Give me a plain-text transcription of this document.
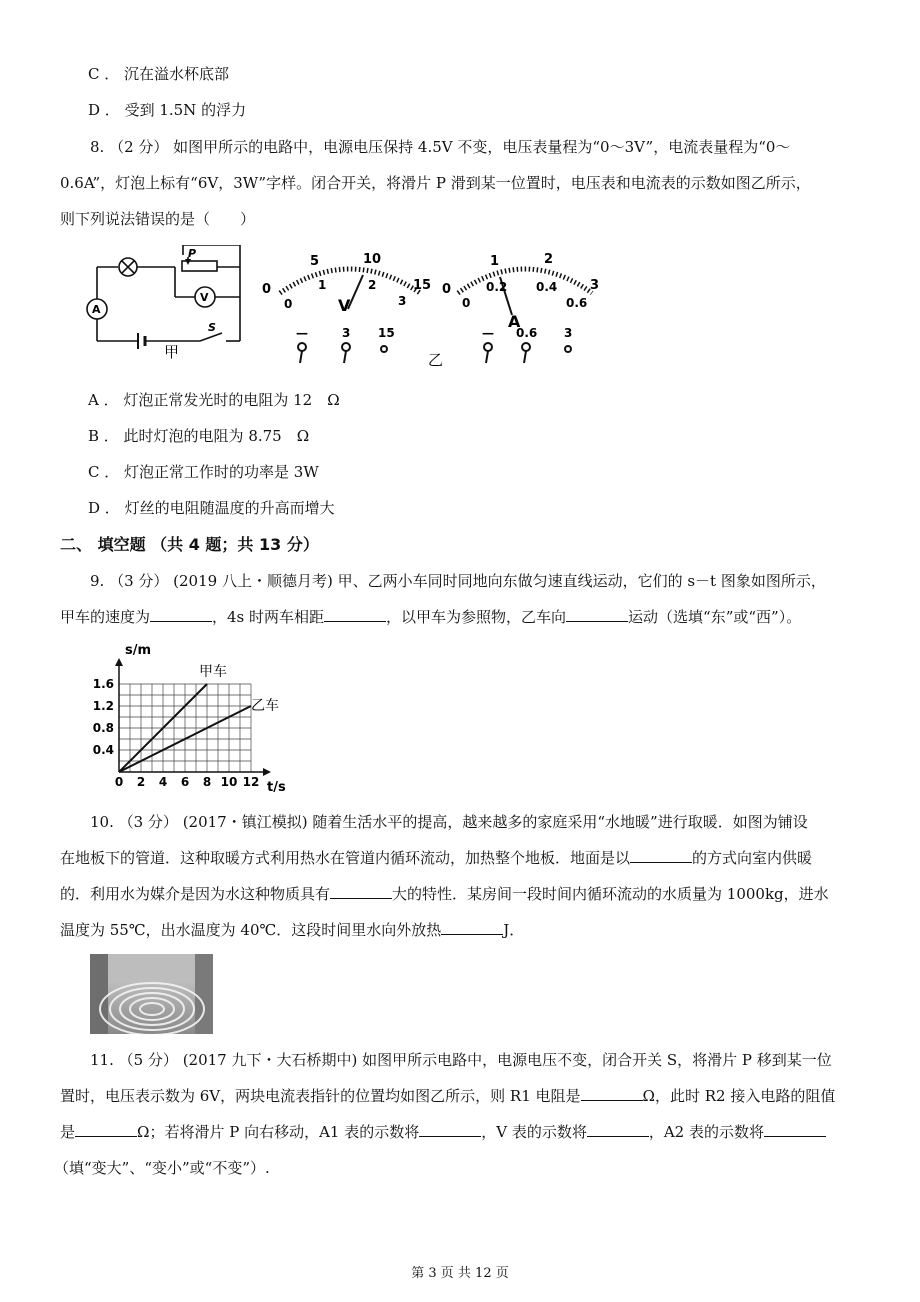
C ． 沉在溢水杯底部
D ． 受到 1.5N 的浮力
8. （2 分） 如图甲所示的电路中，电源电压保持 4.5V 不变，电压表量程为“0～3V”，电流表量程为“0～
0.6A”，灯泡上标有“6V，3W”字样。闭合开关，将滑片 P 滑到某一位置时，电压表和电流表的示数如图乙所示，
则下列说法错误的是（　　）
P
V
A
S
甲
0
5	10
15
0
1	2
3
V
—	3 15
乙
0
1	2
3
0
0.2 0.4
0.6
A
— 0.6 3
A ． 灯泡正常发光时的电阻为 12　Ω
B ． 此时灯泡的电阻为 8.75　Ω
C ． 灯泡正常工作时的功率是 3W
D ． 灯丝的电阻随温度的升高而增大
二、 填空题 （共 4 题；共 13 分）
9. （3 分） (2019 八上・顺德月考) 甲、乙两小车同时同地向东做匀速直线运动，它们的 s－t 图象如图所示，
甲车的速度为	，4s 时两车相距	，以甲车为参照物，乙车向	运动（选填“东”或“西”）。
0 2 4 6 8 10 12
0.4
0.8
1.2
1.6
s/m
t/s
甲车
乙车
10. （3 分） (2017・镇江模拟) 随着生活水平的提高，越来越多的家庭采用“水地暖”进行取暖．如图为铺设
在地板下的管道．这种取暖方式利用热水在管道内循环流动，加热整个地板．地面是以	的方式向室内供暖
的．利用水为媒介是因为水这种物质具有	大的特性．某房间一段时间内循环流动的水质量为 1000kg，进水
温度为 55℃，出水温度为 40℃．这段时间里水向外放热	J．
11. （5 分） (2017 九下・大石桥期中) 如图甲所示电路中，电源电压不变，闭合开关 S，将滑片 P 移到某一位
置时，电压表示数为 6V，两块电流表指针的位置均如图乙所示，则 R1 电阻是	Ω，此时 R2 接入电路的阻值
是	Ω；若将滑片 P 向右移动，A1 表的示数将	，V 表的示数将	，A2 表的示数将
（填“变大”、“变小”或“不变”）.
第 3 页 共 12 页
